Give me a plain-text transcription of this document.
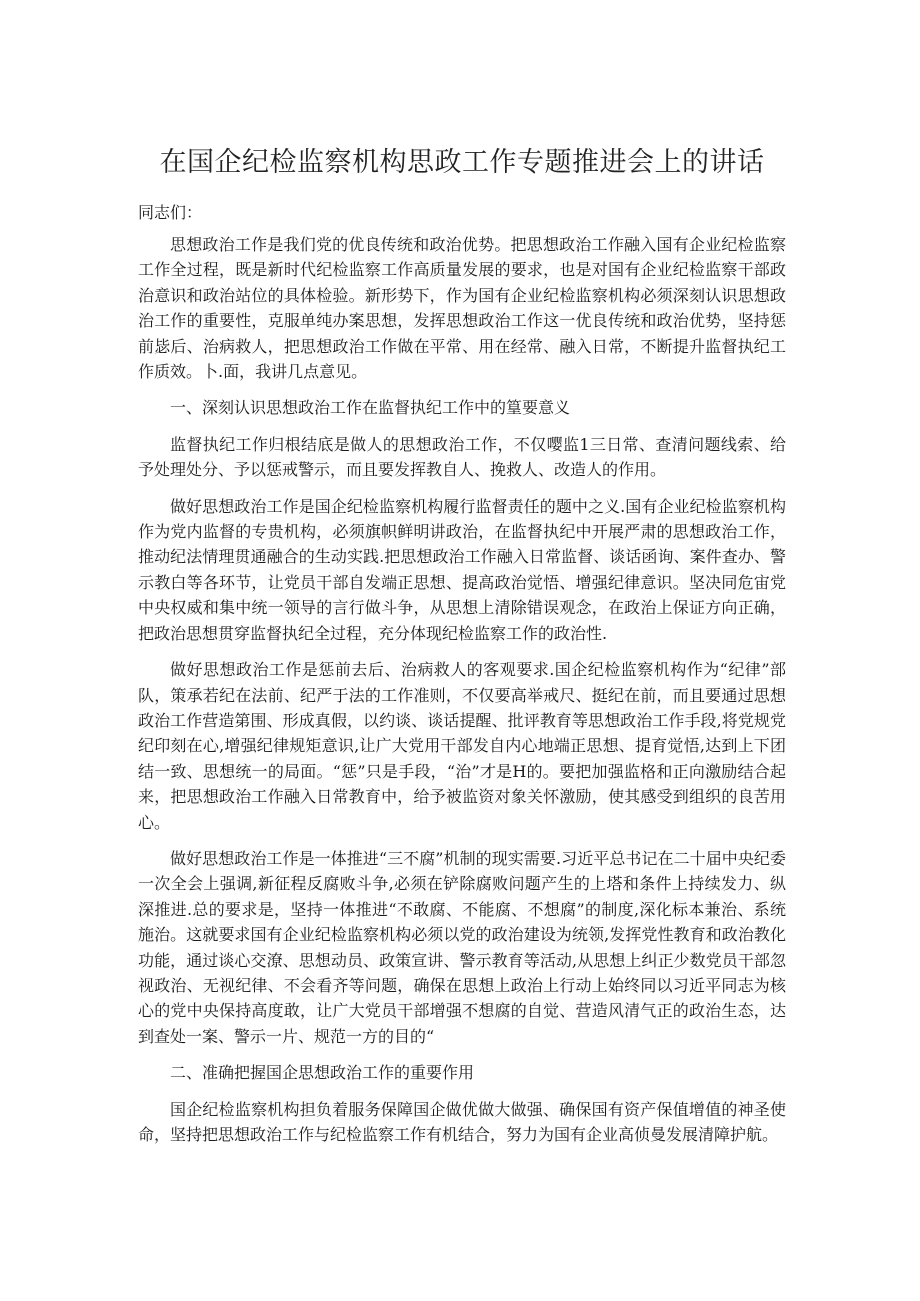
在国企纪检监察机构思政工作专题推进会上的讲话

同志们：

思想政治工作是我们党的优良传统和政治优势。把思想政治工作融入国有企业纪检监察工作全过程，既是新时代纪检监察工作高质量发展的要求，也是对国有企业纪检监察干部政治意识和政治站位的具体检验。新形势下，作为国有企业纪检监察机构必须深刻认识思想政治工作的重要性，克服单纯办案思想，发挥思想政治工作这一优良传统和政治优势，坚持惩前毖后、治病救人，把思想政治工作做在平常、用在经常、融入日常，不断提升监督执纪工作质效。卜.面，我讲几点意见。

一、深刻认识思想政治工作在监督执纪工作中的篁要意义

监督执纪工作归根结底是做人的思想政治工作，不仅嘤监1三日常、查清问题线索、给予处理处分、予以惩戒警示，而且要发挥教自人、挽救人、改造人的作用。

做好思想政治工作是国企纪检监察机构履行监督责任的题中之义.国有企业纪检监察机构作为党内监督的专贵机构，必须旗帜鲜明讲政治，在监督执纪中开展严肃的思想政治工作，推动纪法情理贯通融合的生动实践.把思想政治工作融入日常监督、谈话函询、案件查办、警示教白等各环节，让党员干部自发端正思想、提高政治觉悟、增强纪律意识。坚决同危宙党中央权威和集中统一领导的言行做斗争，从思想上清除错误观念，在政治上保证方向正确，把政治思想贯穿监督执纪全过程，充分体现纪检监察工作的政治性.

做好思想政治工作是惩前去后、治病救人的客观要求.国企纪检监察机构作为“纪律”部队，策承若纪在法前、纪严于法的工作准则，不仅要高举戒尺、挺纪在前，而且要通过思想政治工作营造第围、形成真假，以约谈、谈话提醒、批评教育等思想政治工作手段,将党规党纪印刻在心,增强纪律规矩意识,让广大党用干部发自内心地端正思想、提育觉悟,达到上下团结一致、思想统一的局面。“惩”只是手段，“治”才是H的。要把加强监格和正向激励结合起来，把思想政治工作融入日常教育中，给予被监资对象关怀激励，使其感受到组织的良苦用心。

做好思想政治工作是一体推进“三不腐”机制的现实需要.习近平总书记在二十届中央纪委一次全会上强调,新征程反腐败斗争,必须在铲除腐败问题产生的上塔和条件上持续发力、纵深推进.总的要求是，坚持一体推进“不敢腐、不能腐、不想腐”的制度,深化标本兼治、系统施治。这就要求国有企业纪检监察机构必须以党的政治建设为统领,发挥党性教育和政治教化功能，通过谈心交潦、思想动员、政策宣讲、警示教育等活动,从思想上纠正少数党员干部忽视政治、无视纪律、不会看齐等问题，确保在思想上政治上行动上始终同以习近平同志为核心的党中央保持高度敢，让广大党员干部增强不想腐的自觉、营造风清气正的政治生态，达到查处一案、警示一片、规范一方的目的“

二、准确把握国企思想政治工作的重要作用

国企纪检监察机构担负着服务保障国企做优做大做强、确保国有资产保值增值的神圣使命，坚持把思想政治工作与纪检监察工作有机结合，努力为国有企业高侦曼发展清障护航。
